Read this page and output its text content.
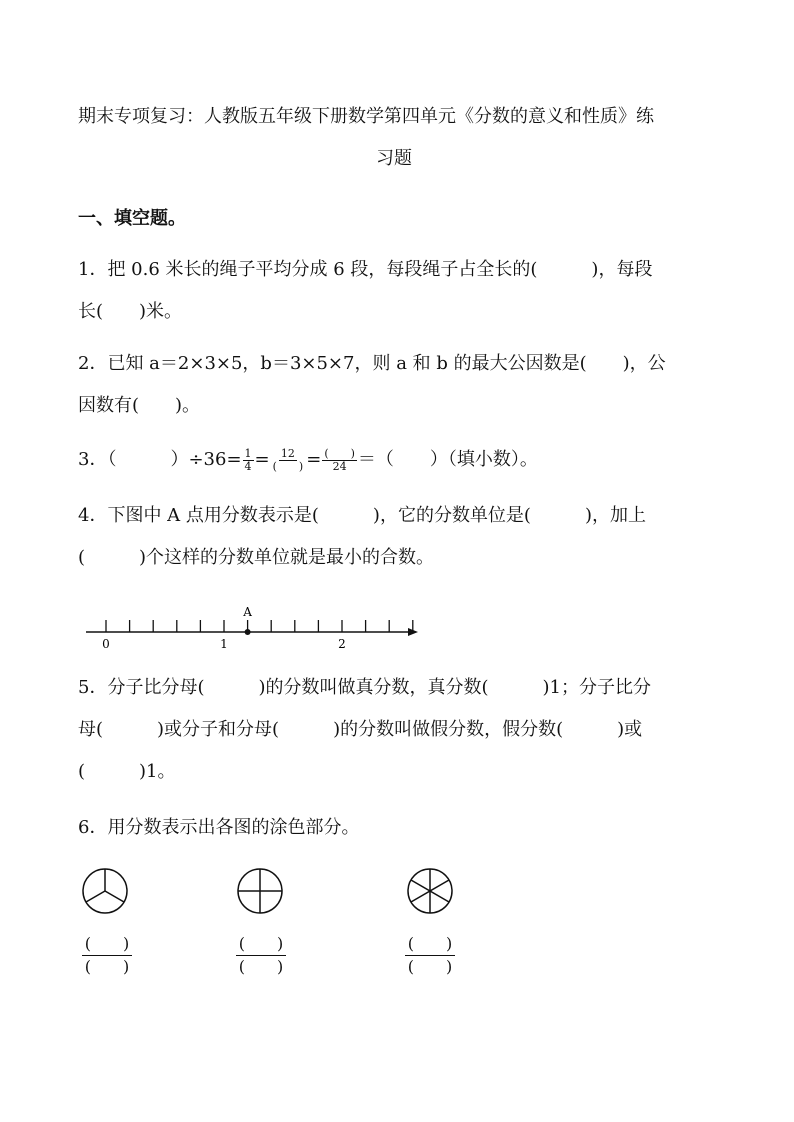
期末专项复习：人教版五年级下册数学第四单元《分数的意义和性质》练
习题
一、填空题。
1．把 0.6 米长的绳子平均分成 6 段，每段绳子占全长的(　　　)，每段
长(　　)米。
2．已知 a＝2×3×5，b＝3×5×7，则 a 和 b 的最大公因数是(　　)，公
因数有(　　)。
3．（　　　）$\div 36= \frac{1}{4} = \frac{12}{( )} = \frac{( )}{24}$ ＝（　　）（填小数）。
4．下图中 A 点用分数表示是(　　　)，它的分数单位是(　　　)，加上
(　　　)个这样的分数单位就是最小的合数。
0	1	2
A
5．分子比分母(　　　)的分数叫做真分数，真分数(　　　)1；分子比分
母(　　　)或分子和分母(　　　)的分数叫做假分数，假分数(　　　)或
(　　　)1。
6．用分数表示出各图的涂色部分。
(　　)
(　　)
(　　)
(　　)
(　　)
(　　)
